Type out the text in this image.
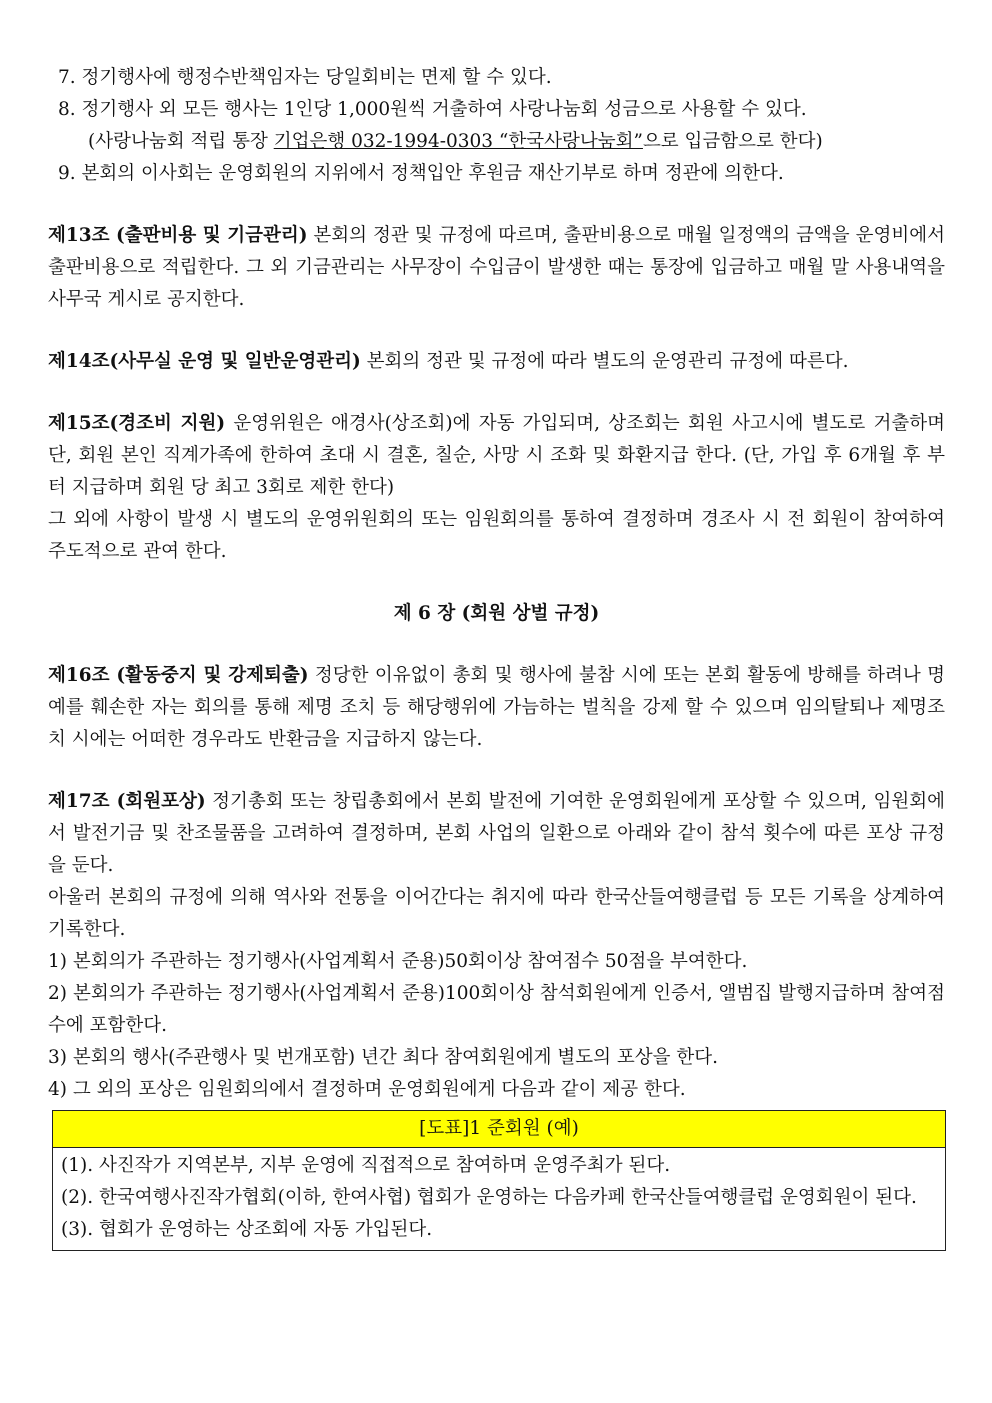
7. 정기행사에 행정수반책임자는 당일회비는 면제 할 수 있다.
8. 정기행사 외 모든 행사는 1인당 1,000원씩 거출하여 사랑나눔회 성금으로 사용할 수 있다.
(사랑나눔회 적립 통장 기업은행 032-1994-0303 “한국사랑나눔회”으로 입금함으로 한다)
9. 본회의 이사회는 운영회원의 지위에서 정책입안 후원금 재산기부로 하며 정관에 의한다.
제13조 (출판비용 및 기금관리) 본회의 정관 및 규정에 따르며, 출판비용으로 매월 일정액의 금액을 운영비에서 출판비용으로 적립한다. 그 외 기금관리는 사무장이 수입금이 발생한 때는 통장에 입금하고 매월 말 사용내역을 사무국 게시로 공지한다.
제14조(사무실 운영 및 일반운영관리) 본회의 정관 및 규정에 따라 별도의 운영관리 규정에 따른다.
제15조(경조비 지원) 운영위원은 애경사(상조회)에 자동 가입되며, 상조회는 회원 사고시에 별도로 거출하며 단, 회원 본인 직계가족에 한하여 초대 시 결혼, 칠순, 사망 시 조화 및 화환지급 한다. (단, 가입 후 6개월 후 부터 지급하며 회원 당 최고 3회로 제한 한다)
그 외에 사항이 발생 시 별도의 운영위원회의 또는 임원회의를 통하여 결정하며 경조사 시 전 회원이 참여하여 주도적으로 관여 한다.
제 6 장 (회원 상벌 규정)
제16조 (활동중지 및 강제퇴출) 정당한 이유없이 총회 및 행사에 불참 시에 또는 본회 활동에 방해를 하려나 명예를 훼손한 자는 회의를 통해 제명 조치 등 해당행위에 가늠하는 벌칙을 강제 할 수 있으며 임의탈퇴나 제명조치 시에는 어떠한 경우라도 반환금을 지급하지 않는다.
제17조 (회원포상) 정기총회 또는 창립총회에서 본회 발전에 기여한 운영회원에게 포상할 수 있으며, 임원회에서 발전기금 및 찬조물품을 고려하여 결정하며, 본회 사업의 일환으로 아래와 같이 참석 횟수에 따른 포상 규정을 둔다.
아울러 본회의 규정에 의해 역사와 전통을 이어간다는 취지에 따라 한국산들여행클럽 등 모든 기록을 상계하여 기록한다.
1) 본회의가 주관하는 정기행사(사업계획서 준용)50회이상 참여점수 50점을 부여한다.
2) 본회의가 주관하는 정기행사(사업계획서 준용)100회이상 참석회원에게 인증서, 앨범집 발행지급하며 참여점수에 포함한다.
3) 본회의 행사(주관행사 및 번개포함) 년간 최다 참여회원에게 별도의 포상을 한다.
4) 그 외의 포상은 임원회의에서 결정하며 운영회원에게 다음과 같이 제공 한다.
[도표]1 준회원 (예)
(1). 사진작가 지역본부, 지부 운영에 직접적으로 참여하며 운영주최가 된다.
(2). 한국여행사진작가협회(이하, 한여사협) 협회가 운영하는 다음카페 한국산들여행클럽 운영회원이 된다.
(3). 협회가 운영하는 상조회에 자동 가입된다.
